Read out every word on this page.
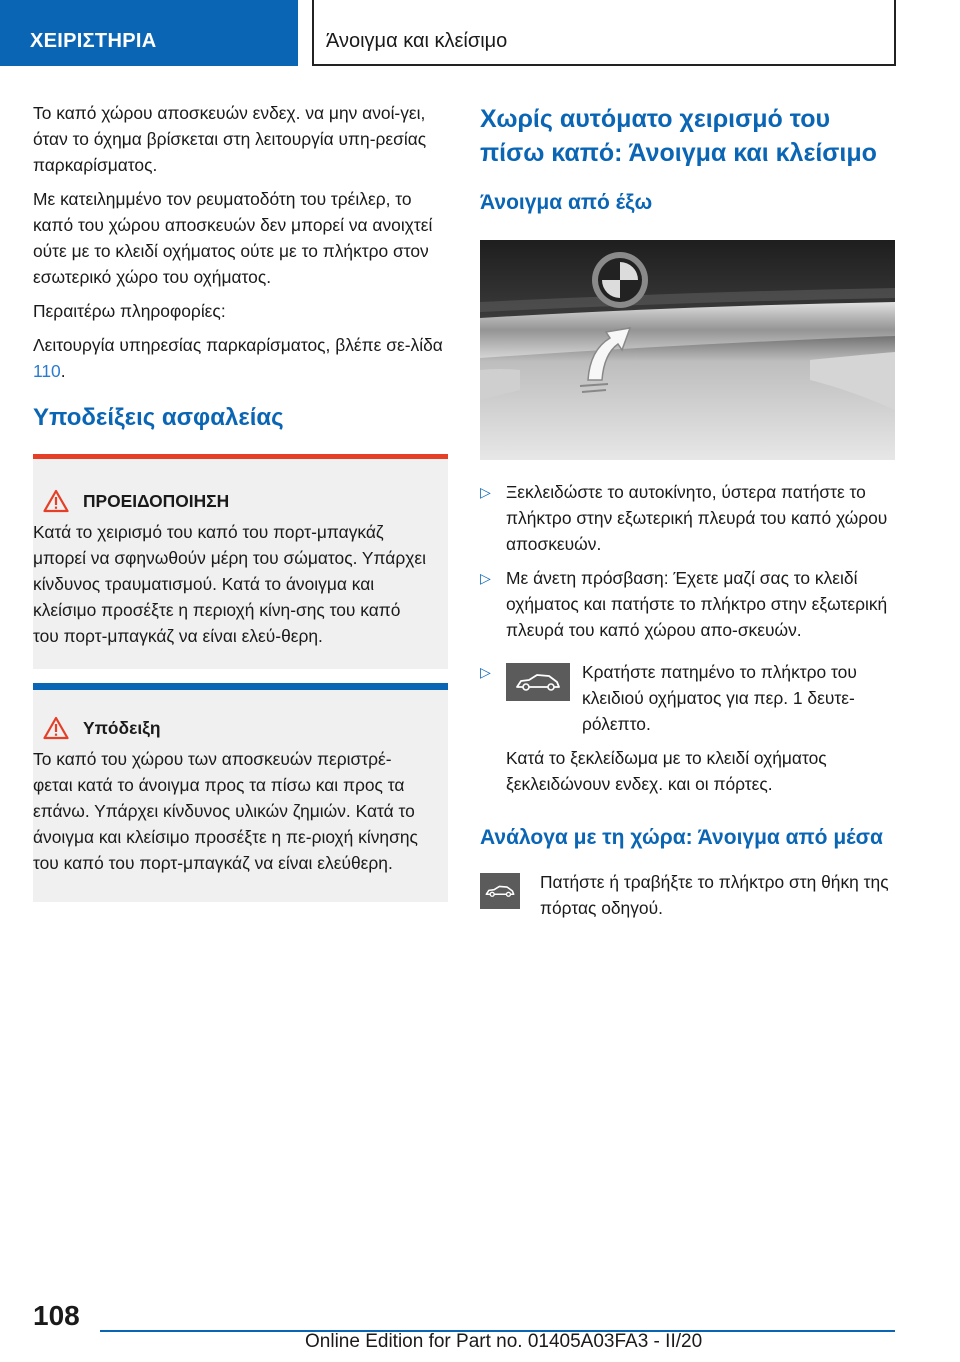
ΧΕΙΡΙΣΤΗΡΙΑ	Άνοιγμα και κλείσιμο

Το καπό χώρου αποσκευών ενδεχ. να μην ανοί-γει, όταν το όχημα βρίσκεται στη λειτουργία υπη-ρεσίας παρκαρίσματος.

Με κατειλημμένο τον ρευματοδότη του τρέιλερ, το καπό του χώρου αποσκευών δεν μπορεί να ανοιχτεί ούτε με το κλειδί οχήματος ούτε με το πλήκτρο στον εσωτερικό χώρο του οχήματος.

Περαιτέρω πληροφορίες:

Λειτουργία υπηρεσίας παρκαρίσματος, βλέπε σε-λίδα 110.

Υποδείξεις ασφαλείας
ΠΡΟΕΙΔΟΠΟΙΗΣΗ

Κατά το χειρισμό του καπό του πορτ-μπαγκάζ μπορεί να σφηνωθούν μέρη του σώματος. Υπάρχει κίνδυνος τραυματισμού. Κατά το άνοιγμα και κλείσιμο προσέξτε η περιοχή κίνη-σης του καπό του πορτ-μπαγκάζ να είναι ελεύ-θερη.

Υπόδειξη

Το καπό του χώρου των αποσκευών περιστρέ-φεται κατά το άνοιγμα προς τα πίσω και προς τα επάνω. Υπάρχει κίνδυνος υλικών ζημιών. Κατά το άνοιγμα και κλείσιμο προσέξτε η πε-ριοχή κίνησης του καπό του πορτ-μπαγκάζ να είναι ελεύθερη.

Χωρίς αυτόματο χειρισμό του πίσω καπό: Άνοιγμα και κλείσιμο
Άνοιγμα από έξω
▷ Ξεκλειδώστε το αυτοκίνητο, ύστερα πατήστε το πλήκτρο στην εξωτερική πλευρά του καπό χώρου αποσκευών.
▷ Με άνετη πρόσβαση: Έχετε μαζί σας το κλειδί οχήματος και πατήστε το πλήκτρο στην εξωτερική πλευρά του καπό χώρου απο-σκευών.
▷	Κρατήστε πατημένο το πλήκτρο του κλειδιού οχήματος για περ. 1 δευτε-ρόλεπτο.

Κατά το ξεκλείδωμα με το κλειδί οχήματος ξεκλειδώνουν ενδεχ. και οι πόρτες.

Ανάλογα με τη χώρα: Άνοιγμα από μέσα

Πατήστε ή τραβήξτε το πλήκτρο στη θήκη της πόρτας οδηγού.

108
Online Edition for Part no. 01405A03FA3 - II/20
